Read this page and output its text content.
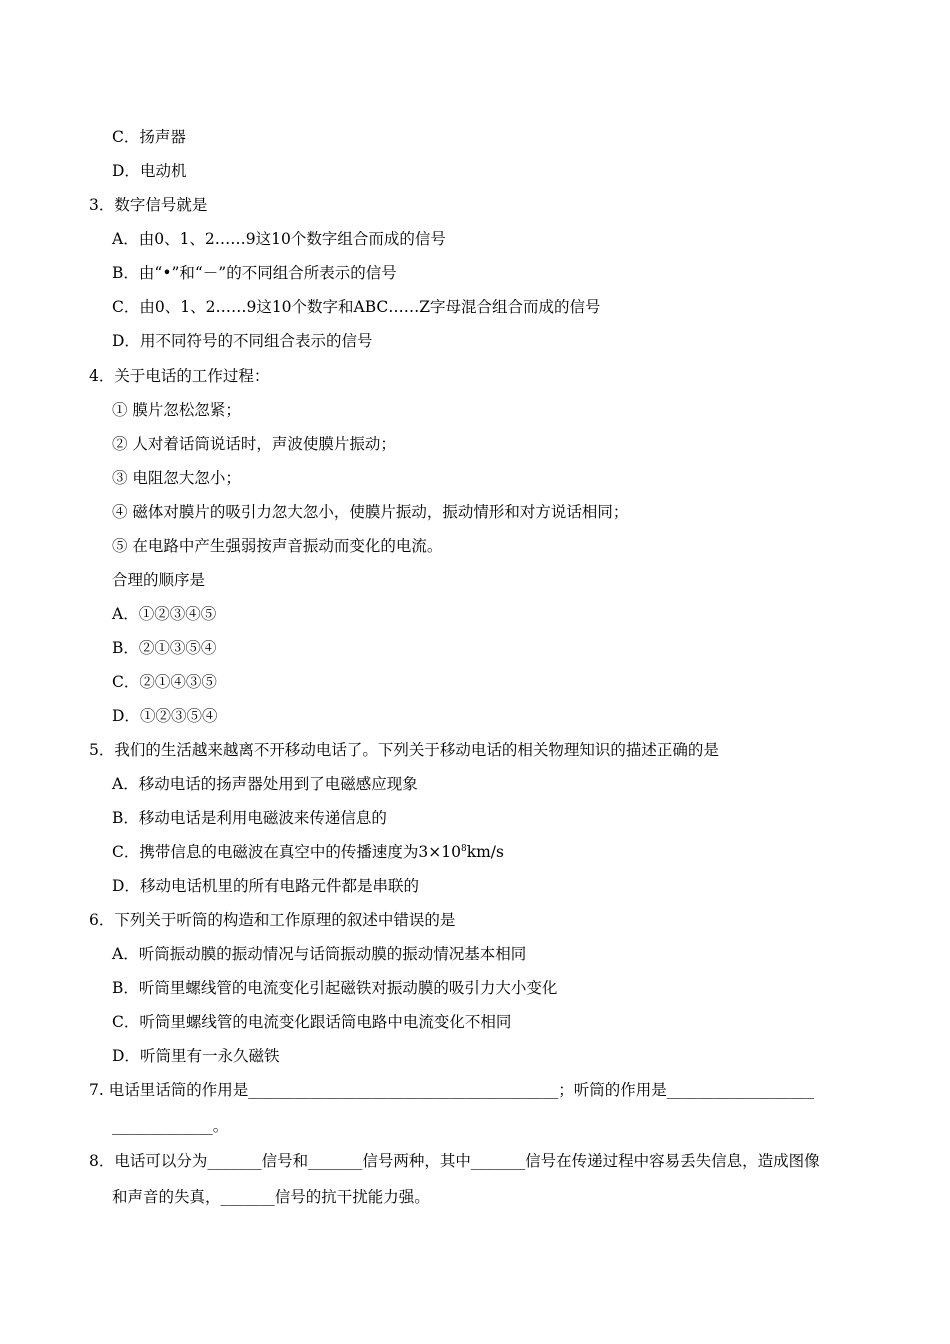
C．扬声器
D．电动机
3．数字信号就是
A．由0、1、2……9这10个数字组合而成的信号
B．由“•”和“－”的不同组合所表示的信号
C．由0、1、2……9这10个数字和ABC……Z字母混合组合而成的信号
D．用不同符号的不同组合表示的信号
4．关于电话的工作过程：
① 膜片忽松忽紧；
② 人对着话筒说话时，声波使膜片振动；
③ 电阻忽大忽小；
④ 磁体对膜片的吸引力忽大忽小，使膜片振动，振动情形和对方说话相同；
⑤ 在电路中产生强弱按声音振动而变化的电流。
合理的顺序是
A．①②③④⑤
B．②①③⑤④
C．②①④③⑤
D．①②③⑤④
5．我们的生活越来越离不开移动电话了。下列关于移动电话的相关物理知识的描述正确的是
A．移动电话的扬声器处用到了电磁感应现象
B．移动电话是利用电磁波来传递信息的
C．携带信息的电磁波在真空中的传播速度为$3\times 10^8km/s$
D．移动电话机里的所有电路元件都是串联的
6．下列关于听筒的构造和工作原理的叙述中错误的是
A．听筒振动膜的振动情况与话筒振动膜的振动情况基本相同
B．听筒里螺线管的电流变化引起磁铁对振动膜的吸引力大小变化
C．听筒里螺线管的电流变化跟话筒电路中电流变化不相同
D．听筒里有一永久磁铁
7. 电话里话筒的作用是________________________________________；听筒的作用是___________________
_____________。
8．电话可以分为_______信号和_______信号两种，其中_______信号在传递过程中容易丢失信息，造成图像
和声音的失真，_______信号的抗干扰能力强。
